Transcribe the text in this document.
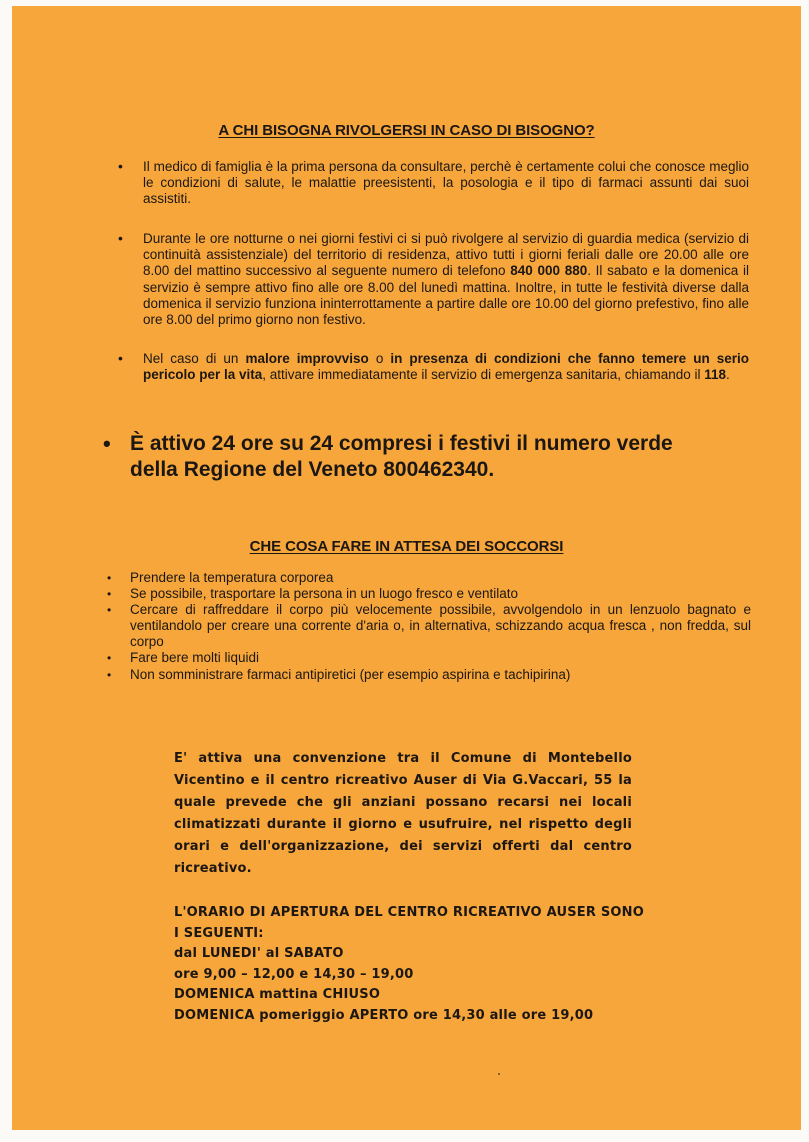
A CHI BISOGNA RIVOLGERSI IN CASO DI BISOGNO?
• Il medico di famiglia è la prima persona da consultare, perchè è certamente colui che conosce meglio le condizioni di salute, le malattie preesistenti, la posologia e il tipo di farmaci assunti dai suoi assistiti.

• Durante le ore notturne o nei giorni festivi ci si può rivolgere al servizio di guardia medica (servizio di continuità assistenziale) del territorio di residenza, attivo tutti i giorni feriali dalle ore 20.00 alle ore 8.00 del mattino successivo al seguente numero di telefono 840 000 880. Il sabato e la domenica il servizio è sempre attivo fino alle ore 8.00 del lunedì mattina. Inoltre, in tutte le festività diverse dalla domenica il servizio funziona ininterrottamente a partire dalle ore 10.00 del giorno prefestivo, fino alle ore 8.00 del primo giorno non festivo.

• Nel caso di un malore improvviso o in presenza di condizioni che fanno temere un serio pericolo per la vita, attivare immediatamente il servizio di emergenza sanitaria, chiamando il 118.

• È attivo 24 ore su 24 compresi i festivi il numero verde
della Regione del Veneto 800462340.
CHE COSA FARE IN ATTESA DEI SOCCORSI
• Prendere la temperatura corporea
• Se possibile, trasportare la persona in un luogo fresco e ventilato
• Cercare di raffreddare il corpo più velocemente possibile, avvolgendolo in un lenzuolo bagnato e ventilandolo per creare una corrente d'aria o, in alternativa, schizzando acqua fresca , non fredda, sul corpo
• Fare bere molti liquidi
• Non somministrare farmaci antipiretici (per esempio aspirina e tachipirina)
E' attiva una convenzione tra il Comune di Montebello Vicentino e il centro ricreativo Auser di Via G.Vaccari, 55 la quale prevede che gli anziani possano recarsi nei locali climatizzati durante il giorno e usufruire, nel rispetto degli orari e dell'organizzazione, dei servizi offerti dal centro ricreativo.
L'ORARIO DI APERTURA DEL CENTRO RICREATIVO AUSER SONO I SEGUENTI:
dal LUNEDI' al SABATO
ore 9,00 – 12,00 e 14,30 – 19,00
DOMENICA mattina CHIUSO
DOMENICA pomeriggio APERTO ore 14,30 alle ore 19,00
